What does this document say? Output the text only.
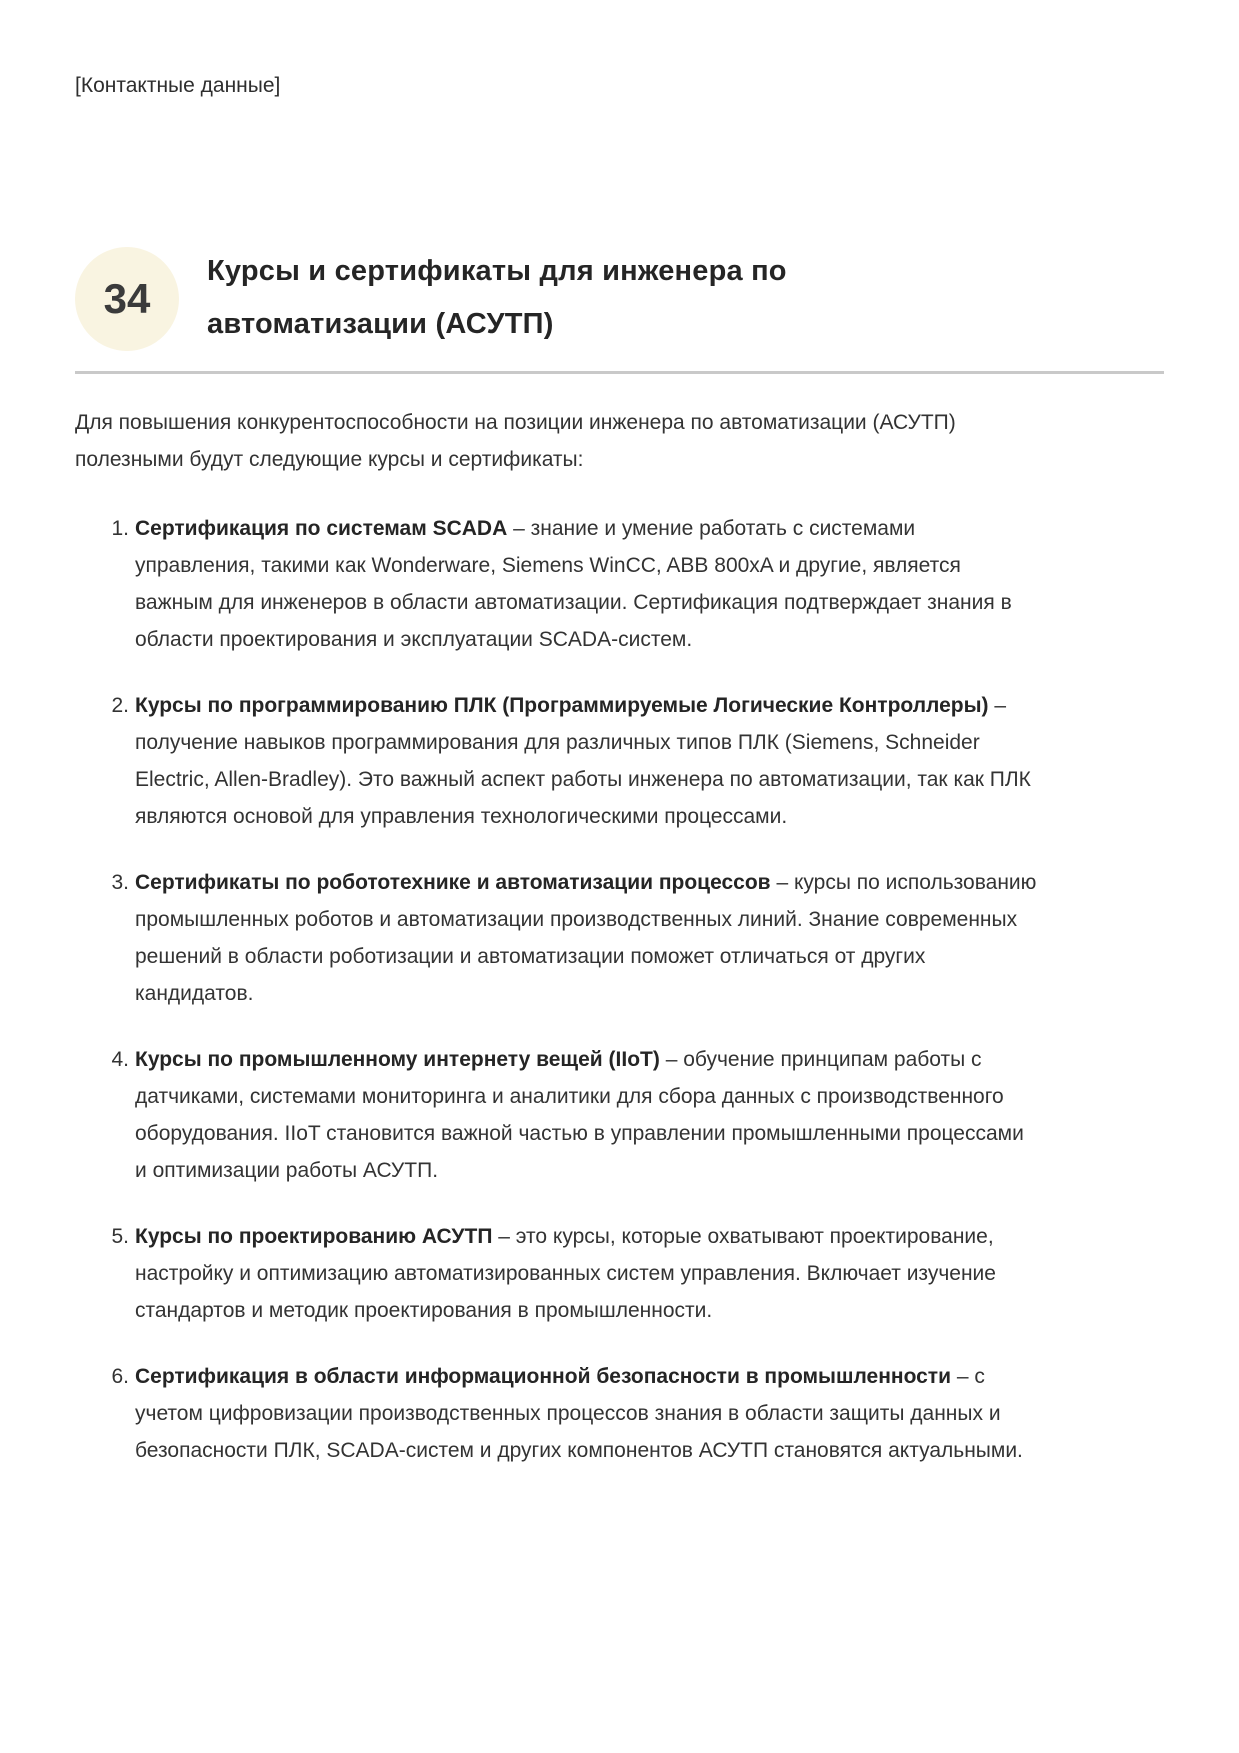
[Контактные данные]
34
Курсы и сертификаты для инженера по автоматизации (АСУТП)

Для повышения конкурентоспособности на позиции инженера по автоматизации (АСУТП) полезными будут следующие курсы и сертификаты:

1. Сертификация по системам SCADA – знание и умение работать с системами управления, такими как Wonderware, Siemens WinCC, ABB 800xA и другие, является важным для инженеров в области автоматизации. Сертификация подтверждает знания в области проектирования и эксплуатации SCADA-систем.
2. Курсы по программированию ПЛК (Программируемые Логические Контроллеры) – получение навыков программирования для различных типов ПЛК (Siemens, Schneider Electric, Allen-Bradley). Это важный аспект работы инженера по автоматизации, так как ПЛК являются основой для управления технологическими процессами.
3. Сертификаты по робототехнике и автоматизации процессов – курсы по использованию промышленных роботов и автоматизации производственных линий. Знание современных решений в области роботизации и автоматизации поможет отличаться от других кандидатов.
4. Курсы по промышленному интернету вещей (IIoT) – обучение принципам работы с датчиками, системами мониторинга и аналитики для сбора данных с производственного оборудования. IIoT становится важной частью в управлении промышленными процессами и оптимизации работы АСУТП.
5. Курсы по проектированию АСУТП – это курсы, которые охватывают проектирование, настройку и оптимизацию автоматизированных систем управления. Включает изучение стандартов и методик проектирования в промышленности.
6. Сертификация в области информационной безопасности в промышленности – с учетом цифровизации производственных процессов знания в области защиты данных и безопасности ПЛК, SCADA-систем и других компонентов АСУТП становятся актуальными.
